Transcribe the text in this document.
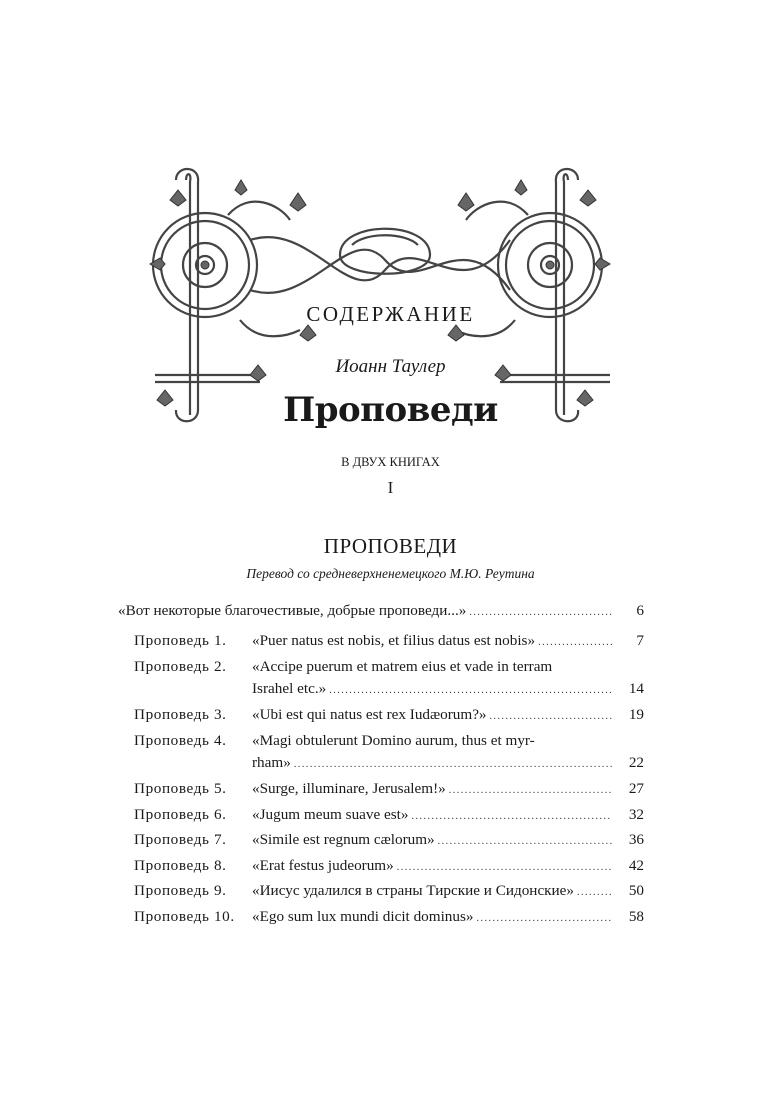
СОДЕРЖАНИЕ
Иоанн Таулер
Проповеди
В ДВУХ КНИГАХ
I
ПРОПОВЕДИ
Перевод со средневерхненемецкого М.Ю. Реутина
«Вот некоторые благочестивые, добрые проповеди...» .....	6
Проповедь 1. «Puer natus est nobis, et filius datus est nobis» .....	7
Проповедь 2. «Accipe puerum et matrem eius et vade in terram
Israhel etc.» .....	14
Проповедь 3. «Ubi est qui natus est rex Iudæorum?» .....	19
Проповедь 4. «Magi obtulerunt Domino aurum, thus et myr-
rham» .....	22
Проповедь 5. «Surge, illuminare, Jerusalem!» .....	27
Проповедь 6. «Jugum meum suave est» .....	32
Проповедь 7. «Simile est regnum cælorum» .....	36
Проповедь 8. «Erat festus judeorum» .....	42
Проповедь 9. «Иисус удалился в страны Тирские и Сидонские» .....	50
Проповедь 10. «Ego sum lux mundi dicit dominus» .....	58
